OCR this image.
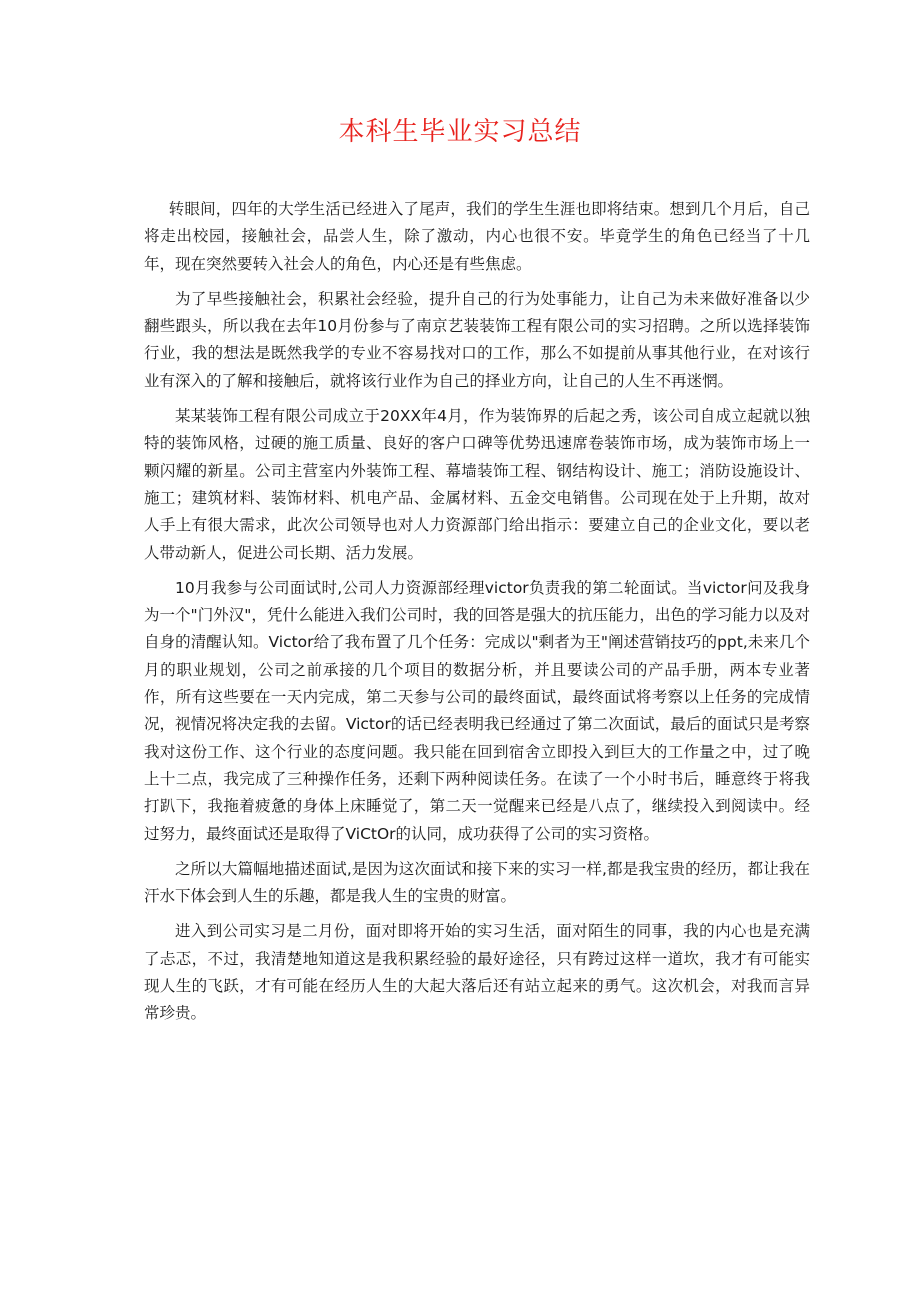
本科生毕业实习总结

转眼间，四年的大学生活已经进入了尾声，我们的学生生涯也即将结束。想到几个月后，自己将走出校园，接触社会，品尝人生，除了激动，内心也很不安。毕竟学生的角色已经当了十几年，现在突然要转入社会人的角色，内心还是有些焦虑。

为了早些接触社会，积累社会经验，提升自己的行为处事能力，让自己为未来做好准备以少翻些跟头，所以我在去年10月份参与了南京艺装装饰工程有限公司的实习招聘。之所以选择装饰行业，我的想法是既然我学的专业不容易找对口的工作，那么不如提前从事其他行业，在对该行业有深入的了解和接触后，就将该行业作为自己的择业方向，让自己的人生不再迷惘。

某某装饰工程有限公司成立于20XX年4月，作为装饰界的后起之秀，该公司自成立起就以独特的装饰风格，过硬的施工质量、良好的客户口碑等优势迅速席卷装饰市场，成为装饰市场上一颗闪耀的新星。公司主营室内外装饰工程、幕墙装饰工程、钢结构设计、施工；消防设施设计、施工；建筑材料、装饰材料、机电产品、金属材料、五金交电销售。公司现在处于上升期，故对人手上有很大需求，此次公司领导也对人力资源部门给出指示：要建立自己的企业文化，要以老人带动新人，促进公司长期、活力发展。

10月我参与公司面试时,公司人力资源部经理victor负责我的第二轮面试。当victor问及我身为一个"门外汉"，凭什么能进入我们公司时，我的回答是强大的抗压能力，出色的学习能力以及对自身的清醒认知。Victor给了我布置了几个任务：完成以"剩者为王"阐述营销技巧的ppt,未来几个月的职业规划，公司之前承接的几个项目的数据分析，并且要读公司的产品手册，两本专业著作，所有这些要在一天内完成，第二天参与公司的最终面试，最终面试将考察以上任务的完成情况，视情况将决定我的去留。Victor的话已经表明我已经通过了第二次面试，最后的面试只是考察我对这份工作、这个行业的态度问题。我只能在回到宿舍立即投入到巨大的工作量之中，过了晚上十二点，我完成了三种操作任务，还剩下两种阅读任务。在读了一个小时书后，睡意终于将我打趴下，我拖着疲惫的身体上床睡觉了，第二天一觉醒来已经是八点了，继续投入到阅读中。经过努力，最终面试还是取得了ViCtOr的认同，成功获得了公司的实习资格。

之所以大篇幅地描述面试,是因为这次面试和接下来的实习一样,都是我宝贵的经历，都让我在汗水下体会到人生的乐趣，都是我人生的宝贵的财富。

进入到公司实习是二月份，面对即将开始的实习生活，面对陌生的同事，我的内心也是充满了忐忑，不过，我清楚地知道这是我积累经验的最好途径，只有跨过这样一道坎，我才有可能实现人生的飞跃，才有可能在经历人生的大起大落后还有站立起来的勇气。这次机会，对我而言异常珍贵。
